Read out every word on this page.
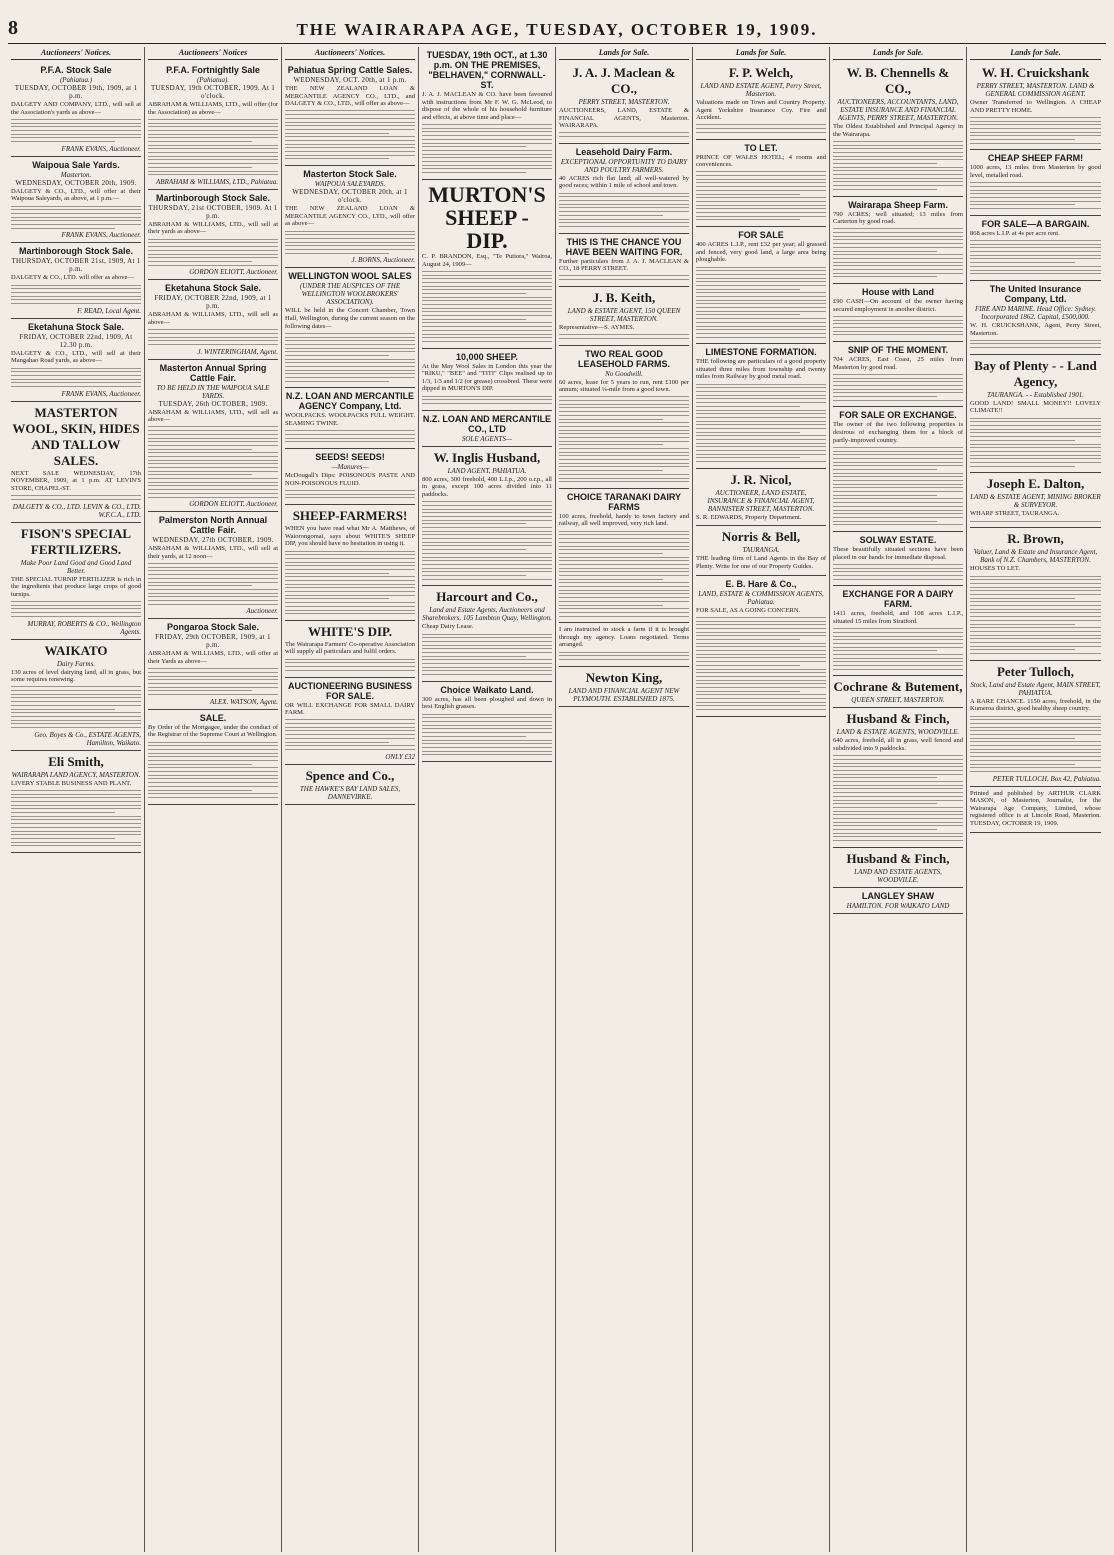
8	THE WAIRARAPA AGE, TUESDAY, OCTOBER 19, 1909.
Auctioneers' Notices.
P.F.A. Stock Sale
(Pahiatua.)
TUESDAY, OCTOBER 19th, 1909, at 1 p.m.
DALGETY AND COMPANY, LTD., will sell at the Association's yards as above—
FRANK EVANS, Auctioneer.
Waipoua Sale Yards.
Masterton.
WEDNESDAY, OCTOBER 20th, 1909.
DALGETY & CO., LTD., will offer at their Waipoua Saleyards, as above, at 1 p.m.—
FRANK EVANS, Auctioneer.
Martinborough Stock Sale.
THURSDAY, OCTOBER 21st, 1909, At 1 p.m.
DALGETY & CO., LTD. will offer as above—
F. READ, Local Agent.
Eketahuna Stock Sale.
FRIDAY, OCTOBER 22nd, 1909, At 12.30 p.m.
DALGETY & CO., LTD., will sell at their Mangahao Road yards, as above—
FRANK EVANS, Auctioneer.
MASTERTON WOOL, SKIN, HIDES AND TALLOW SALES.
NEXT SALE WEDNESDAY, 17th NOVEMBER, 1909, at 1 p.m. AT LEVIN'S STORE, CHAPEL-ST.
DALGETY & CO., LTD. LEVIN & CO., LTD. W.F.C.A., LTD.
FISON'S SPECIAL FERTILIZERS.
Make Poor Land Good and Good Land Better.
THE SPECIAL TURNIP FERTILIZER is rich in the ingredients that produce large crops of good turnips.
MURRAY, ROBERTS & CO., Wellington Agents.
WAIKATO
Dairy Farms.
130 acres of level dairying land, all in grass, but some requires renewing.
Geo. Boyes & Co., ESTATE AGENTS, Hamilton, Waikato.
Eli Smith,
WAIRARAPA LAND AGENCY, MASTERTON.
LIVERY STABLE BUSINESS AND PLANT.
Auctioneers' Notices
P.F.A. Fortnightly Sale
(Pahiatua).
TUESDAY, 19th OCTOBER, 1909. At 1 o'clock.
ABRAHAM & WILLIAMS, LTD., will offer (for the Association) as above—
ABRAHAM & WILLIAMS, LTD., Pahiatua.
Martinborough Stock Sale.
THURSDAY, 21st OCTOBER, 1909. At 1 p.m.
ABRAHAM & WILLIAMS, LTD., will sell at their yards as above—
GORDON ELIOTT, Auctioneer.
Eketahuna Stock Sale.
FRIDAY, OCTOBER 22nd, 1909, at 1 p.m.
ABRAHAM & WILLIAMS, LTD., will sell as above—
J. WINTERINGHAM, Agent.
Masterton Annual Spring Cattle Fair.
TO BE HELD IN THE WAIPOUA SALE YARDS.
TUESDAY, 26th OCTOBER, 1909.
ABRAHAM & WILLIAMS, LTD., will sell as above—
GORDON ELIOTT, Auctioneer.
Palmerston North Annual Cattle Fair.
WEDNESDAY, 27th OCTOBER, 1909.
ABRAHAM & WILLIAMS, LTD., will sell at their yards, at 12 noon—
Auctioneer.
Pongaroa Stock Sale.
FRIDAY, 29th OCTOBER, 1909, at 1 p.m.
ABRAHAM & WILLIAMS, LTD., will offer at their Yards as above—
ALEX. WATSON, Agent.
SALE.
By Order of the Mortgagee, under the conduct of the Registrar of the Supreme Court at Wellington.
Auctioneers' Notices.
Pahiatua Spring Cattle Sales.
WEDNESDAY, OCT. 20th, at 1 p.m.
THE NEW ZEALAND LOAN & MERCANTILE AGENCY CO., LTD., and DALGETY & CO., LTD., will offer as above—
Masterton Stock Sale.
WAIPOUA SALEYARDS.
WEDNESDAY, OCTOBER 20th, at 1 o'clock.
THE NEW ZEALAND LOAN & MERCANTILE AGENCY CO., LTD., will offer as above—
J. BORNS, Auctioneer.
WELLINGTON WOOL SALES
(UNDER THE AUSPICES OF THE WELLINGTON WOOLBROKERS' ASSOCIATION).
WILL be held in the Concert Chamber, Town Hall, Wellington, during the current season on the following dates—
N.Z. LOAN AND MERCANTILE AGENCY Company, Ltd.
WOOLPACKS. WOOLPACKS FULL WEIGHT. SEAMING TWINE.
SEEDS! SEEDS!
—Manures—
McDougall's Dips: POISONOUS PASTE AND NON-POISONOUS FLUID.
SHEEP-FARMERS!
WHEN you have read what Mr A. Matthews, of Waiorongomai, says about WHITE'S SHEEP DIP, you should have no hesitation in using it.
WHITE'S DIP.
The Wairarapa Farmers' Co-operative Association will supply all particulars and fulfil orders.
AUCTIONEERING BUSINESS FOR SALE.
OR WILL EXCHANGE FOR SMALL DAIRY FARM.
ONLY £32
Spence and Co.,
THE HAWKE'S BAY LAND SALES, DANNEVIRKE.
TUESDAY, 19th OCT., at 1.30 p.m. ON THE PREMISES, "BELHAVEN," CORNWALL-ST.
J. A. J. MACLEAN & CO. have been favoured with instructions from Mr F. W. G. McLeod, to dispose of the whole of his household furniture and effects, at above time and place—
MURTON'S SHEEP - DIP.
C. P. BRANDON, Esq., "Te Putiora," Wairoa, August 24, 1909—
10,000 SHEEP.
At the May Wool Sales in London this year the "RIKU," "BEE" and "TITI" Clips realised up to 1/3, 1/3 and 1/2 (or grease) crossbred. These were dipped in MURTON'S DIP.
N.Z. LOAN AND MERCANTILE CO., LTD
SOLE AGENTS—
W. Inglis Husband,
LAND AGENT, PAHIATUA.
800 acres, 300 freehold, 400 L.I.p., 200 o.r.p., all in grass, except 100 acres divided into 11 paddocks.
Harcourt and Co.,
Land and Estate Agents, Auctioneers and Sharebrokers. 105 Lambton Quay, Wellington.
Cheap Dairy Lease.
Choice Waikato Land.
300 acres, has all been ploughed and down in best English grasses.
Lands for Sale.
J. A. J. Maclean & CO.,
PERRY STREET, MASTERTON.
AUCTIONEERS, LAND, ESTATE & FINANCIAL AGENTS, Masterton. WAIRARAPA.
Leasehold Dairy Farm.
EXCEPTIONAL OPPORTUNITY TO DAIRY AND POULTRY FARMERS.
40 ACRES rich flat land; all well-watered by good races; within 1 mile of school and town.
THIS IS THE CHANCE YOU HAVE BEEN WAITING FOR.
Further particulars from J. A. J. MACLEAN & CO., 18 PERRY STREET.
J. B. Keith,
LAND & ESTATE AGENT, 150 QUEEN STREET, MASTERTON.
Representative—S. AYMES.
TWO REAL GOOD LEASEHOLD FARMS.
No Goodwill.
60 acres, lease for 5 years to run, rent £100 per annum; situated ¼-mile from a good town.
CHOICE TARANAKI DAIRY FARMS
100 acres, freehold, handy to town factory and railway, all well improved, very rich land.
I am instructed to stock a farm if it is brought through my agency. Loans negotiated. Terms arranged.
Newton King,
LAND AND FINANCIAL AGENT NEW PLYMOUTH. ESTABLISHED 1875.
Lands for Sale.
F. P. Welch,
LAND AND ESTATE AGENT, Perry Street, Masterton.
Valuations made on Town and Country Property. Agent Yorkshire Insurance Coy. Fire and Accident.
TO LET.
PRINCE OF WALES HOTEL; 4 rooms and conveniences.
FOR SALE
400 ACRES L.I.P., rent £32 per year; all grassed and fenced, very good land, a large area being ploughable.
LIMESTONE FORMATION.
THE following are particulars of a good property situated three miles from township and twenty miles from Railway by good metal road.
J. R. Nicol,
AUCTIONEER, LAND ESTATE, INSURANCE & FINANCIAL AGENT, BANNISTER STREET, MASTERTON.
S. R. EDWARDS, Property Department.
Norris & Bell,
TAURANGA.
THE leading firm of Land Agents in the Bay of Plenty. Write for one of our Property Guides.
E. B. Hare & Co.,
LAND, ESTATE & COMMISSION AGENTS, Pahiatua.
FOR SALE, AS A GOING CONCERN.
Lands for Sale.
W. B. Chennells & CO.,
AUCTIONEERS, ACCOUNTANTS, LAND, ESTATE INSURANCE AND FINANCIAL AGENTS, PERRY STREET, MASTERTON.
The Oldest Established and Principal Agency in the Wairarapa.
Wairarapa Sheep Farm.
790 ACRES; well situated; 13 miles from Carterton by good road.
House with Land
£90 CASH—On account of the owner having secured employment in another district.
SNIP OF THE MOMENT.
704 ACRES, East Coast, 25 miles from Masterton by good road.
FOR SALE OR EXCHANGE.
The owner of the two following properties is desirous of exchanging them for a block of partly-improved country.
SOLWAY ESTATE.
These beautifully situated sections have been placed in our hands for immediate disposal.
EXCHANGE FOR A DAIRY FARM.
1411 acres, freehold, and 108 acres L.I.P., situated 15 miles from Stratford.
Cochrane & Butement,
QUEEN STREET, MASTERTON.
Husband & Finch,
LAND & ESTATE AGENTS, WOODVILLE.
640 acres, freehold, all in grass, well fenced and subdivided into 9 paddocks.
Husband & Finch,
LAND AND ESTATE AGENTS, WOODVILLE.
LANGLEY SHAW
HAMILTON. FOR WAIKATO LAND
Lands for Sale.
W. H. Cruickshank
PERRY STREET, MASTERTON. LAND & GENERAL COMMISSION AGENT.
Owner Transferred to Wellington. A CHEAP AND PRETTY HOME.
CHEAP SHEEP FARM!
1000 acres, 13 miles from Masterton by good level, metalled road.
FOR SALE—A BARGAIN.
868 acres L.I.P. at 4s per acre rent.
The United Insurance Company, Ltd.
FIRE AND MARINE. Head Office: Sydney. Incorporated 1862. Capital, £500,000.
W. H. CRUICKSHANK, Agent, Perry Street, Masterton.
Bay of Plenty - - Land Agency,
TAURANGA. - - Established 1901.
GOOD LAND! SMALL MONEY!! LOVELY CLIMATE!!
Joseph E. Dalton,
LAND & ESTATE AGENT, MINING BROKER & SURVEYOR.
WHARF STREET, TAURANGA.
R. Brown,
Valuer, Land & Estate and Insurance Agent, Bank of N.Z. Chambers, MASTERTON.
HOUSES TO LET.
Peter Tulloch,
Stock, Land and Estate Agent, MAIN STREET, PAHIATUA.
A RARE CHANCE. 1150 acres, freehold, in the Kumeroa district, good healthy sheep country.
PETER TULLOCH, Box 42, Pahiatua.
Printed and published by ARTHUR CLARK MASON, of Masterton, Journalist, for the Wairarapa Age Company, Limited, whose registered office is at Lincoln Road, Masterton. TUESDAY, OCTOBER 19, 1909.
